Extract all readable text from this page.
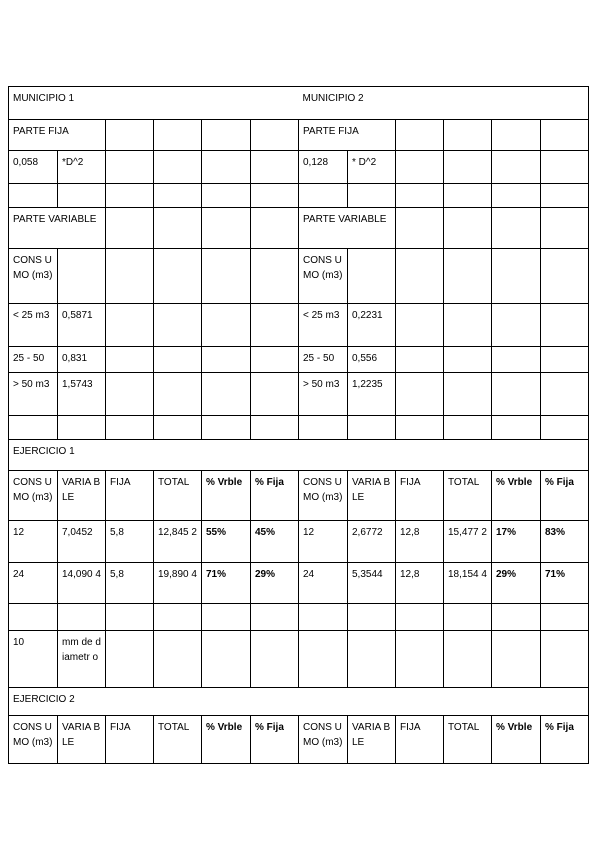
MUNICIPIO 1						MUNICIPIO 2					
PARTE FIJA						PARTE FIJA					
0,058	*D^2					0,128	* D^2				

PARTE VARIABLE						PARTE VARIABLE					
CONS UMO (m3)						CONS UMO (m3)					
< 25 m3	0,5871					< 25 m3	0,2231				
25 - 50	0,831					25 - 50	0,556				
> 50 m3	1,5743					> 50 m3	1,2235				

EJERCICIO 1											
CONS UMO (m3)	VARIA BLE	FIJA	TOTAL	% Vrble	% Fija	CONS UMO (m3)	VARIA BLE	FIJA	TOTAL	% Vrble	% Fija
12	7,0452	5,8	12,845 2	55%	45%	12	2,6772	12,8	15,477 2	17%	83%
24	14,090 4	5,8	19,890 4	71%	29%	24	5,3544	12,8	18,154 4	29%	71%

10	mm de diametr o										
EJERCICIO 2											
CONS UMO (m3)	VARIA BLE	FIJA	TOTAL	% Vrble	% Fija	CONS UMO (m3)	VARIA BLE	FIJA	TOTAL	% Vrble	% Fija
